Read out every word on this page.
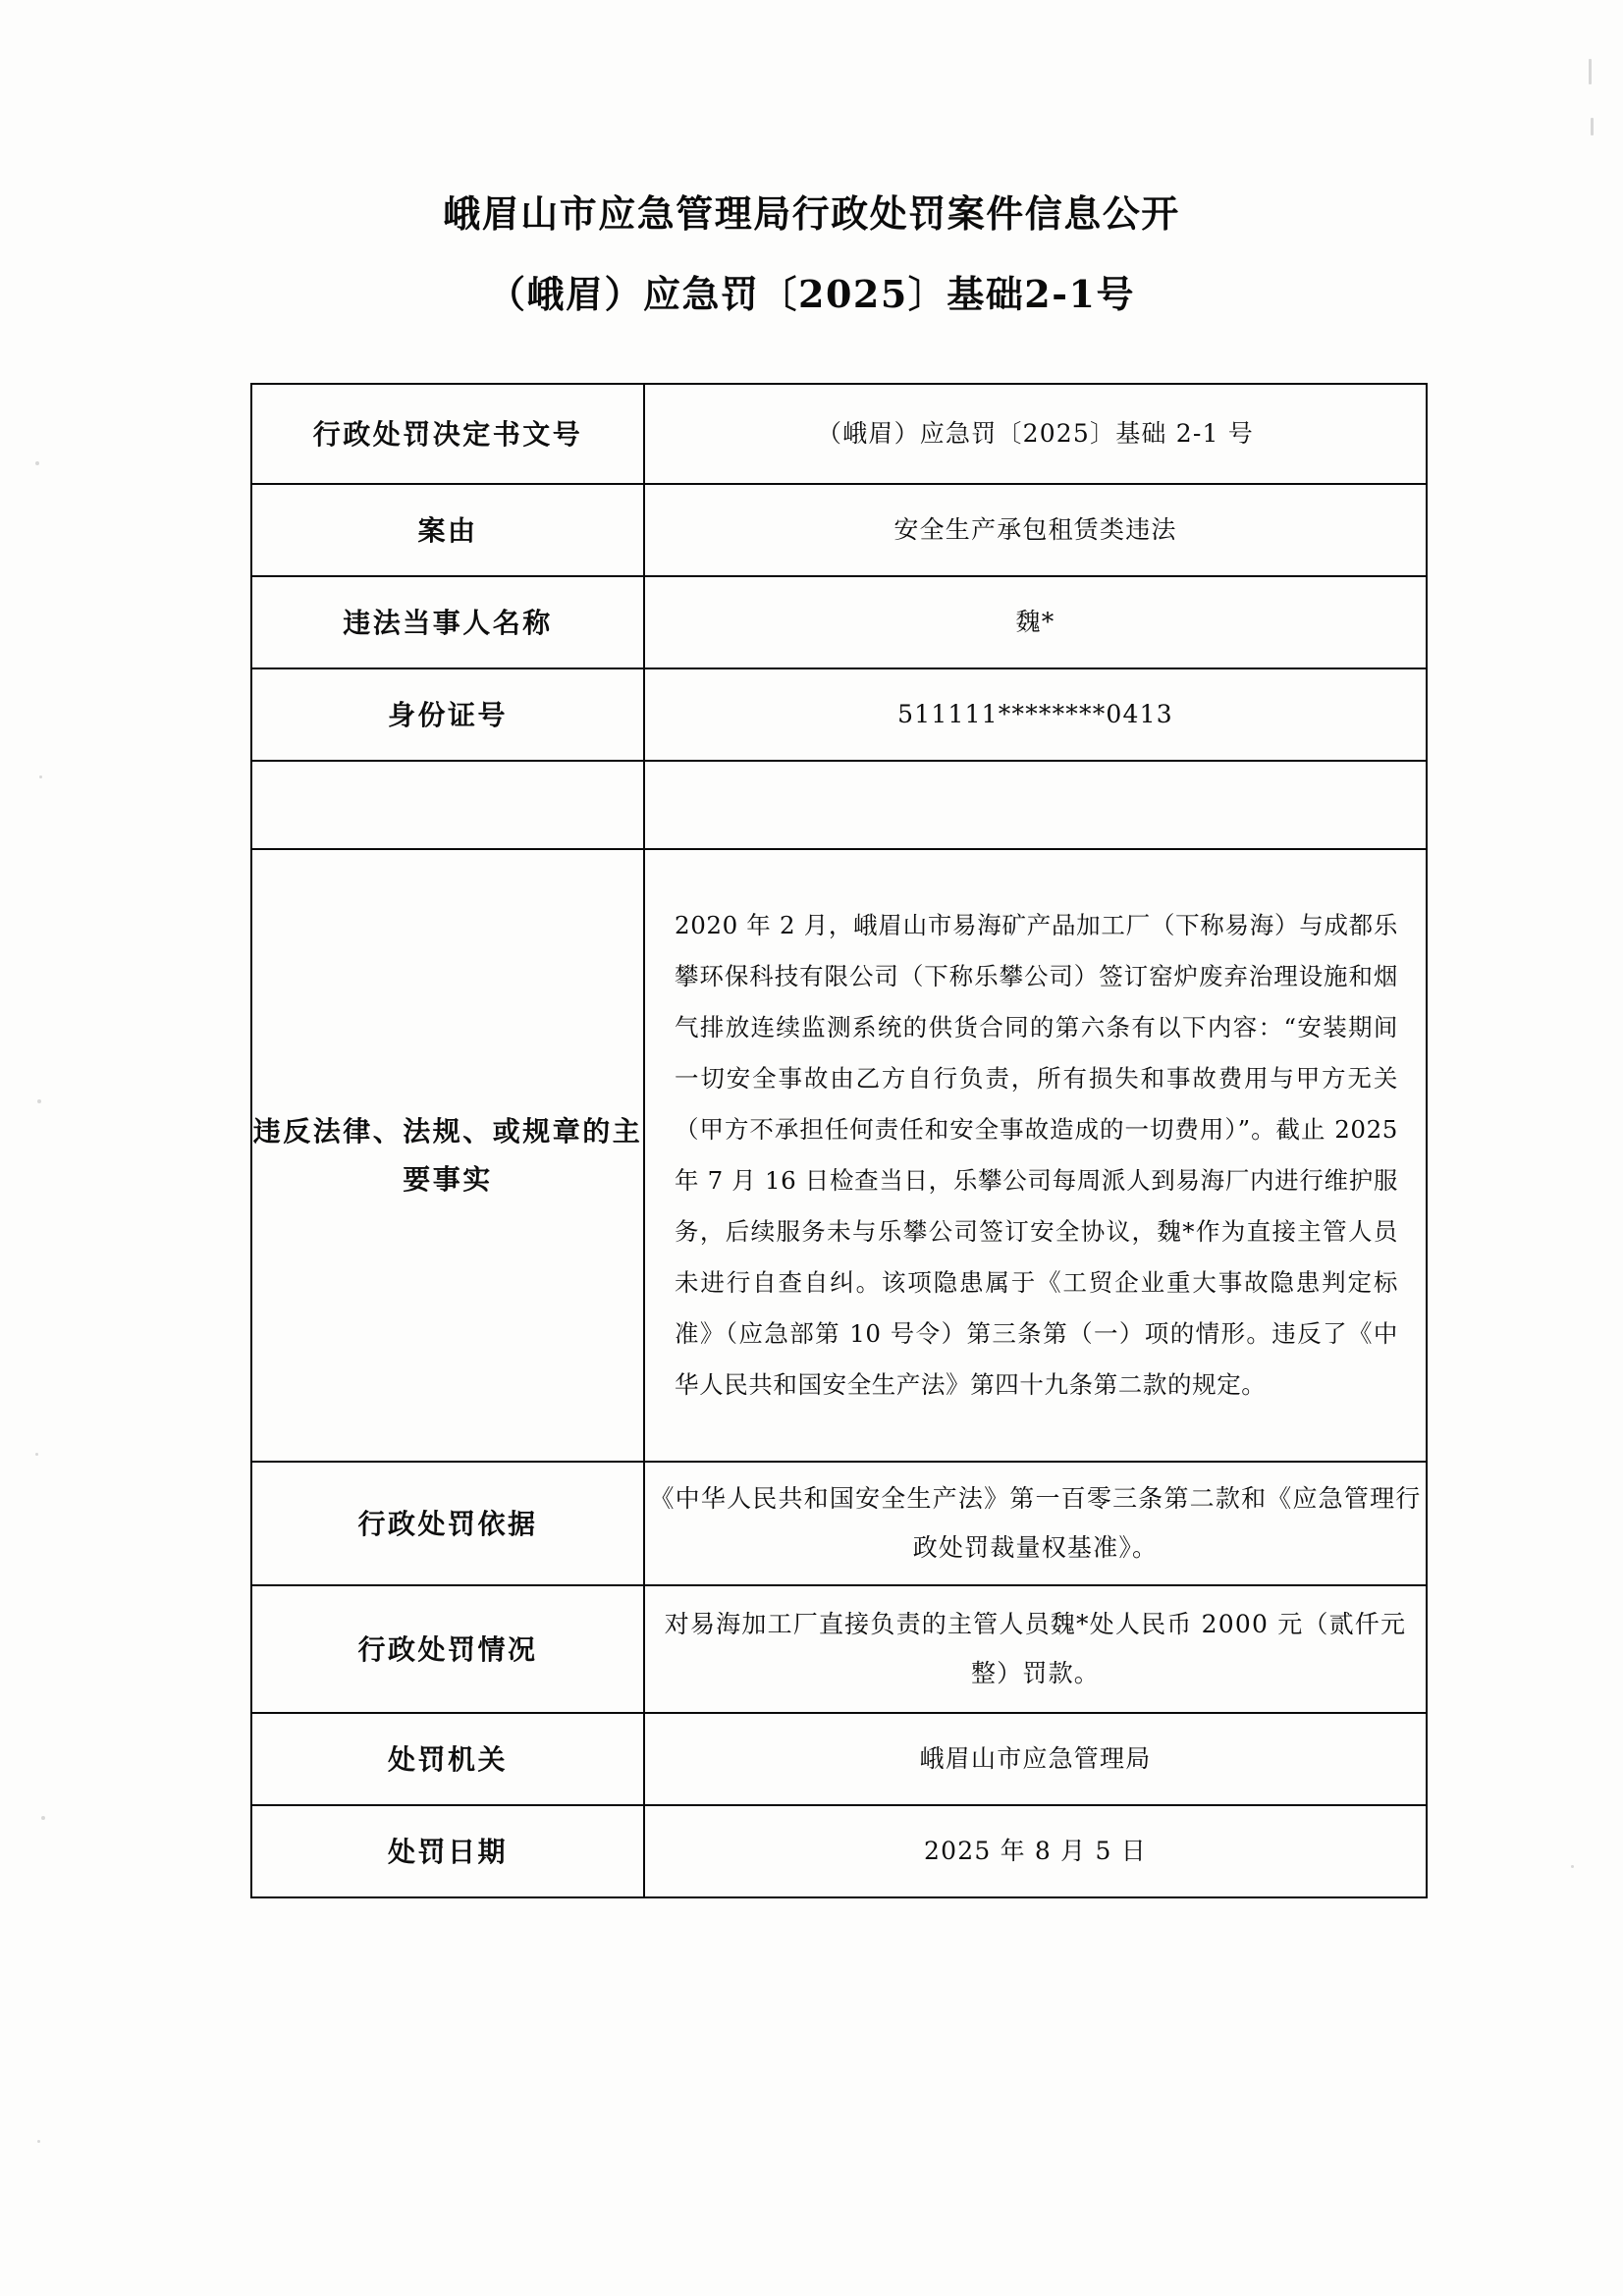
峨眉山市应急管理局行政处罚案件信息公开
（峨眉）应急罚〔2025〕基础2-1号
行政处罚决定书文号	（峨眉）应急罚〔2025〕基础 2-1 号
案由	安全生产承包租赁类违法
违法当事人名称	魏*
身份证号	511111********0413

违反法律、法规、或规章的主要事实	2020 年 2 月，峨眉山市易海矿产品加工厂（下称易海）与成都乐攀环保科技有限公司（下称乐攀公司）签订窑炉废弃治理设施和烟气排放连续监测系统的供货合同的第六条有以下内容：“安装期间一切安全事故由乙方自行负责，所有损失和事故费用与甲方无关（甲方不承担任何责任和安全事故造成的一切费用）”。截止 2025 年 7 月 16 日检查当日，乐攀公司每周派人到易海厂内进行维护服务，后续服务未与乐攀公司签订安全协议，魏*作为直接主管人员未进行自查自纠。该项隐患属于《工贸企业重大事故隐患判定标准》（应急部第 10 号令）第三条第（一）项的情形。违反了《中华人民共和国安全生产法》第四十九条第二款的规定。
行政处罚依据	《中华人民共和国安全生产法》第一百零三条第二款和《应急管理行政处罚裁量权基准》。
行政处罚情况	对易海加工厂直接负责的主管人员魏*处人民币 2000 元（贰仟元整）罚款。
处罚机关	峨眉山市应急管理局
处罚日期	2025 年 8 月 5 日
